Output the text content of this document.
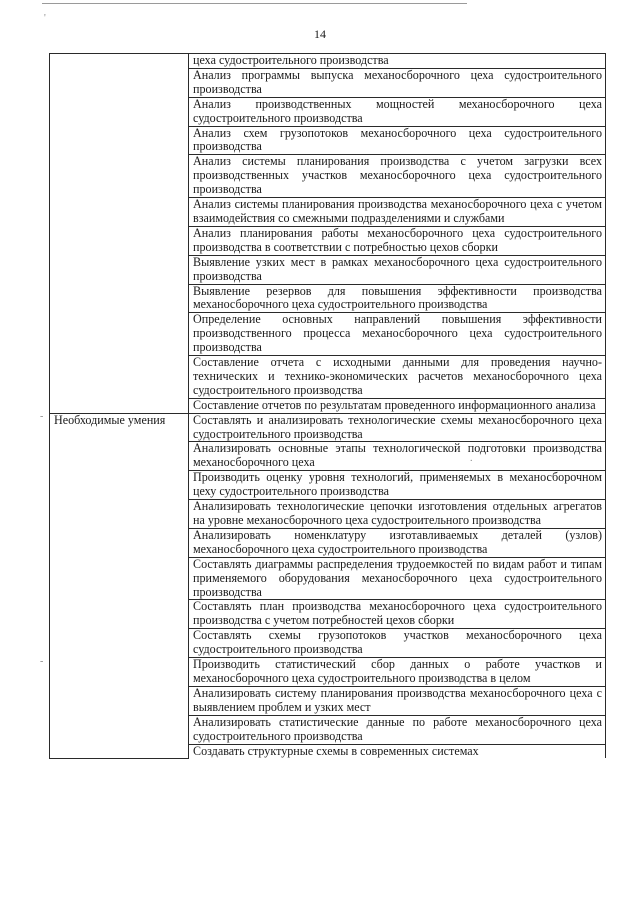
'
-
-
.
14
	цеха судостроительного производства
	Анализ программы выпуска механосборочного цеха судостроительного производства
	Анализ производственных мощностей механосборочного цеха судостроительного производства
	Анализ схем грузопотоков механосборочного цеха судостроительного производства
	Анализ системы планирования производства с учетом загрузки всех производственных участков механосборочного цеха судостроительного производства
	Анализ системы планирования производства механосборочного цеха с учетом взаимодействия со смежными подразделениями и службами
	Анализ планирования работы механосборочного цеха судостроительного производства в соответствии с потребностью цехов сборки
	Выявление узких мест в рамках механосборочного цеха судостроительного производства
	Выявление резервов для повышения эффективности производства механосборочного цеха судостроительного производства
	Определение основных направлений повышения эффективности производственного процесса механосборочного цеха судостроительного производства
	Составление отчета с исходными данными для проведения научно-технических и технико-экономических расчетов механосборочного цеха судостроительного производства
	Составление отчетов по результатам проведенного информационного анализа
Необходимые умения	Составлять и анализировать технологические схемы механосборочного цеха судостроительного производства
	Анализировать основные этапы технологической подготовки производства механосборочного цеха
	Производить оценку уровня технологий, применяемых в механосборочном цеху судостроительного производства
	Анализировать технологические цепочки изготовления отдельных агрегатов на уровне механосборочного цеха судостроительного производства
	Анализировать номенклатуру изготавливаемых деталей (узлов) механосборочного цеха судостроительного производства
	Составлять диаграммы распределения трудоемкостей по видам работ и типам применяемого оборудования механосборочного цеха судостроительного производства
	Составлять план производства механосборочного цеха судостроительного производства с учетом потребностей цехов сборки
	Составлять схемы грузопотоков участков механосборочного цеха судостроительного производства
	Производить статистический сбор данных о работе участков и механосборочного цеха судостроительного производства в целом
	Анализировать систему планирования производства механосборочного цеха с выявлением проблем и узких мест
	Анализировать статистические данные по работе механосборочного цеха судостроительного производства
	Создавать структурные схемы в современных системах
